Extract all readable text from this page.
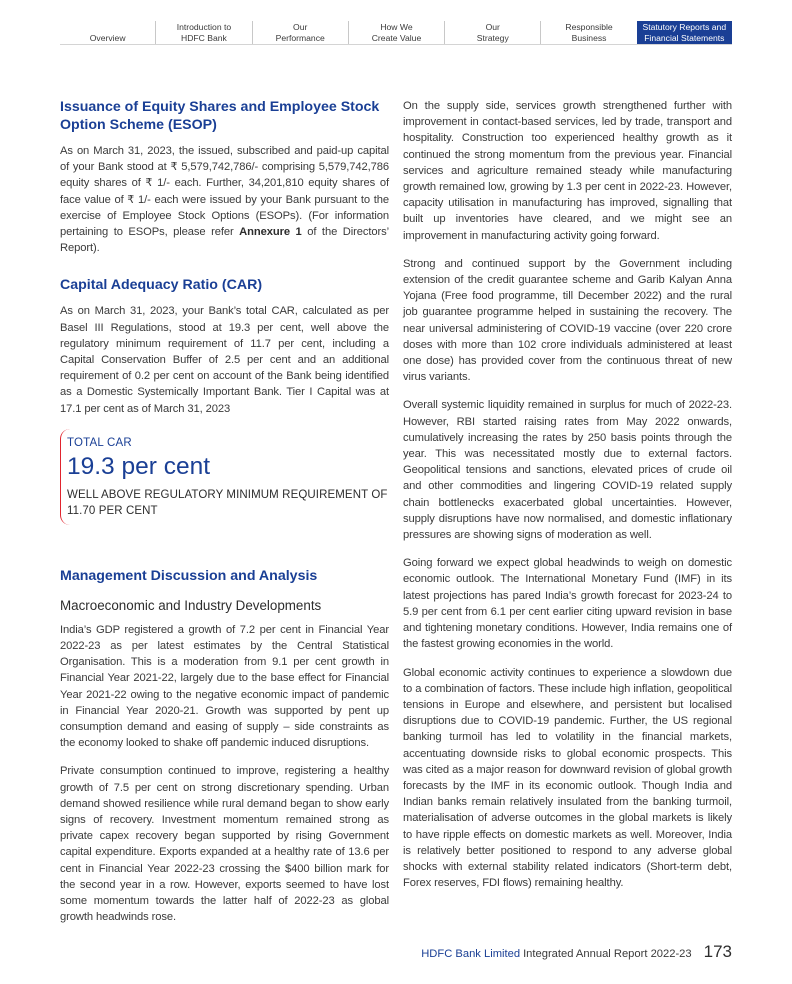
Overview
Introduction to
HDFC Bank
Our
Performance
How We
Create Value
Our
Strategy
Responsible
Business
Statutory Reports and
Financial Statements
Issuance of Equity Shares and Employee Stock Option Scheme (ESOP)

As on March 31, 2023, the issued, subscribed and paid-up capital of your Bank stood at ₹ 5,579,742,786/- comprising 5,579,742,786 equity shares of ₹ 1/- each. Further, 34,201,810 equity shares of face value of ₹ 1/- each were issued by your Bank pursuant to the exercise of Employee Stock Options (ESOPs). (For information pertaining to ESOPs, please refer Annexure 1 of the Directors’ Report).

Capital Adequacy Ratio (CAR)

As on March 31, 2023, your Bank’s total CAR, calculated as per Basel III Regulations, stood at 19.3 per cent, well above the regulatory minimum requirement of 11.7 per cent, including a Capital Conservation Buffer of 2.5 per cent and an additional requirement of 0.2 per cent on account of the Bank being identified as a Domestic Systemically Important Bank. Tier I Capital was at 17.1 per cent as of March 31, 2023

TOTAL CAR
19.3 per cent
WELL ABOVE REGULATORY MINIMUM REQUIREMENT OF 11.70 PER CENT
Management Discussion and Analysis
Macroeconomic and Industry Developments

India’s GDP registered a growth of 7.2 per cent in Financial Year 2022-23 as per latest estimates by the Central Statistical Organisation. This is a moderation from 9.1 per cent growth in Financial Year 2021-22, largely due to the base effect for Financial Year 2021-22 owing to the negative economic impact of pandemic in Financial Year 2020-21. Growth was supported by pent up consumption demand and easing of supply – side constraints as the economy looked to shake off pandemic induced disruptions.

Private consumption continued to improve, registering a healthy growth of 7.5 per cent on strong discretionary spending. Urban demand showed resilience while rural demand began to show early signs of recovery. Investment momentum remained strong as private capex recovery began supported by rising Government capital expenditure. Exports expanded at a healthy rate of 13.6 per cent in Financial Year 2022-23 crossing the $400 billion mark for the second year in a row. However, exports seemed to have lost some momentum towards the latter half of 2022-23 as global growth headwinds rose.

On the supply side, services growth strengthened further with improvement in contact-based services, led by trade, transport and hospitality. Construction too experienced healthy growth as it continued the strong momentum from the previous year. Financial services and agriculture remained steady while manufacturing growth remained low, growing by 1.3 per cent in 2022-23. However, capacity utilisation in manufacturing has improved, signalling that built up inventories have cleared, and we might see an improvement in manufacturing activity going forward.

Strong and continued support by the Government including extension of the credit guarantee scheme and Garib Kalyan Anna Yojana (Free food programme, till December 2022) and the rural job guarantee programme helped in sustaining the recovery. The near universal administering of COVID-19 vaccine (over 220 crore doses with more than 102 crore individuals administered at least one dose) has provided cover from the continuous threat of new virus variants.

Overall systemic liquidity remained in surplus for much of 2022-23. However, RBI started raising rates from May 2022 onwards, cumulatively increasing the rates by 250 basis points through the year. This was necessitated mostly due to external factors. Geopolitical tensions and sanctions, elevated prices of crude oil and other commodities and lingering COVID-19 related supply chain bottlenecks exacerbated global uncertainties. However, supply disruptions have now normalised, and domestic inflationary pressures are showing signs of moderation as well.

Going forward we expect global headwinds to weigh on domestic economic outlook. The International Monetary Fund (IMF) in its latest projections has pared India’s growth forecast for 2023-24 to 5.9 per cent from 6.1 per cent earlier citing upward revision in base and tightening monetary conditions. However, India remains one of the fastest growing economies in the world.

Global economic activity continues to experience a slowdown due to a combination of factors. These include high inflation, geopolitical tensions in Europe and elsewhere, and persistent but localised disruptions due to COVID-19 pandemic. Further, the US regional banking turmoil has led to volatility in the financial markets, accentuating downside risks to global economic prospects. This was cited as a major reason for downward revision of global growth forecasts by the IMF in its economic outlook. Though India and Indian banks remain relatively insulated from the banking turmoil, materialisation of adverse outcomes in the global markets is likely to have ripple effects on domestic markets as well. Moreover, India is relatively better positioned to respond to any adverse global shocks with external stability related indicators (Short-term debt, Forex reserves, FDI flows) remaining healthy.

HDFC Bank Limited Integrated Annual Report 2022-23 173
